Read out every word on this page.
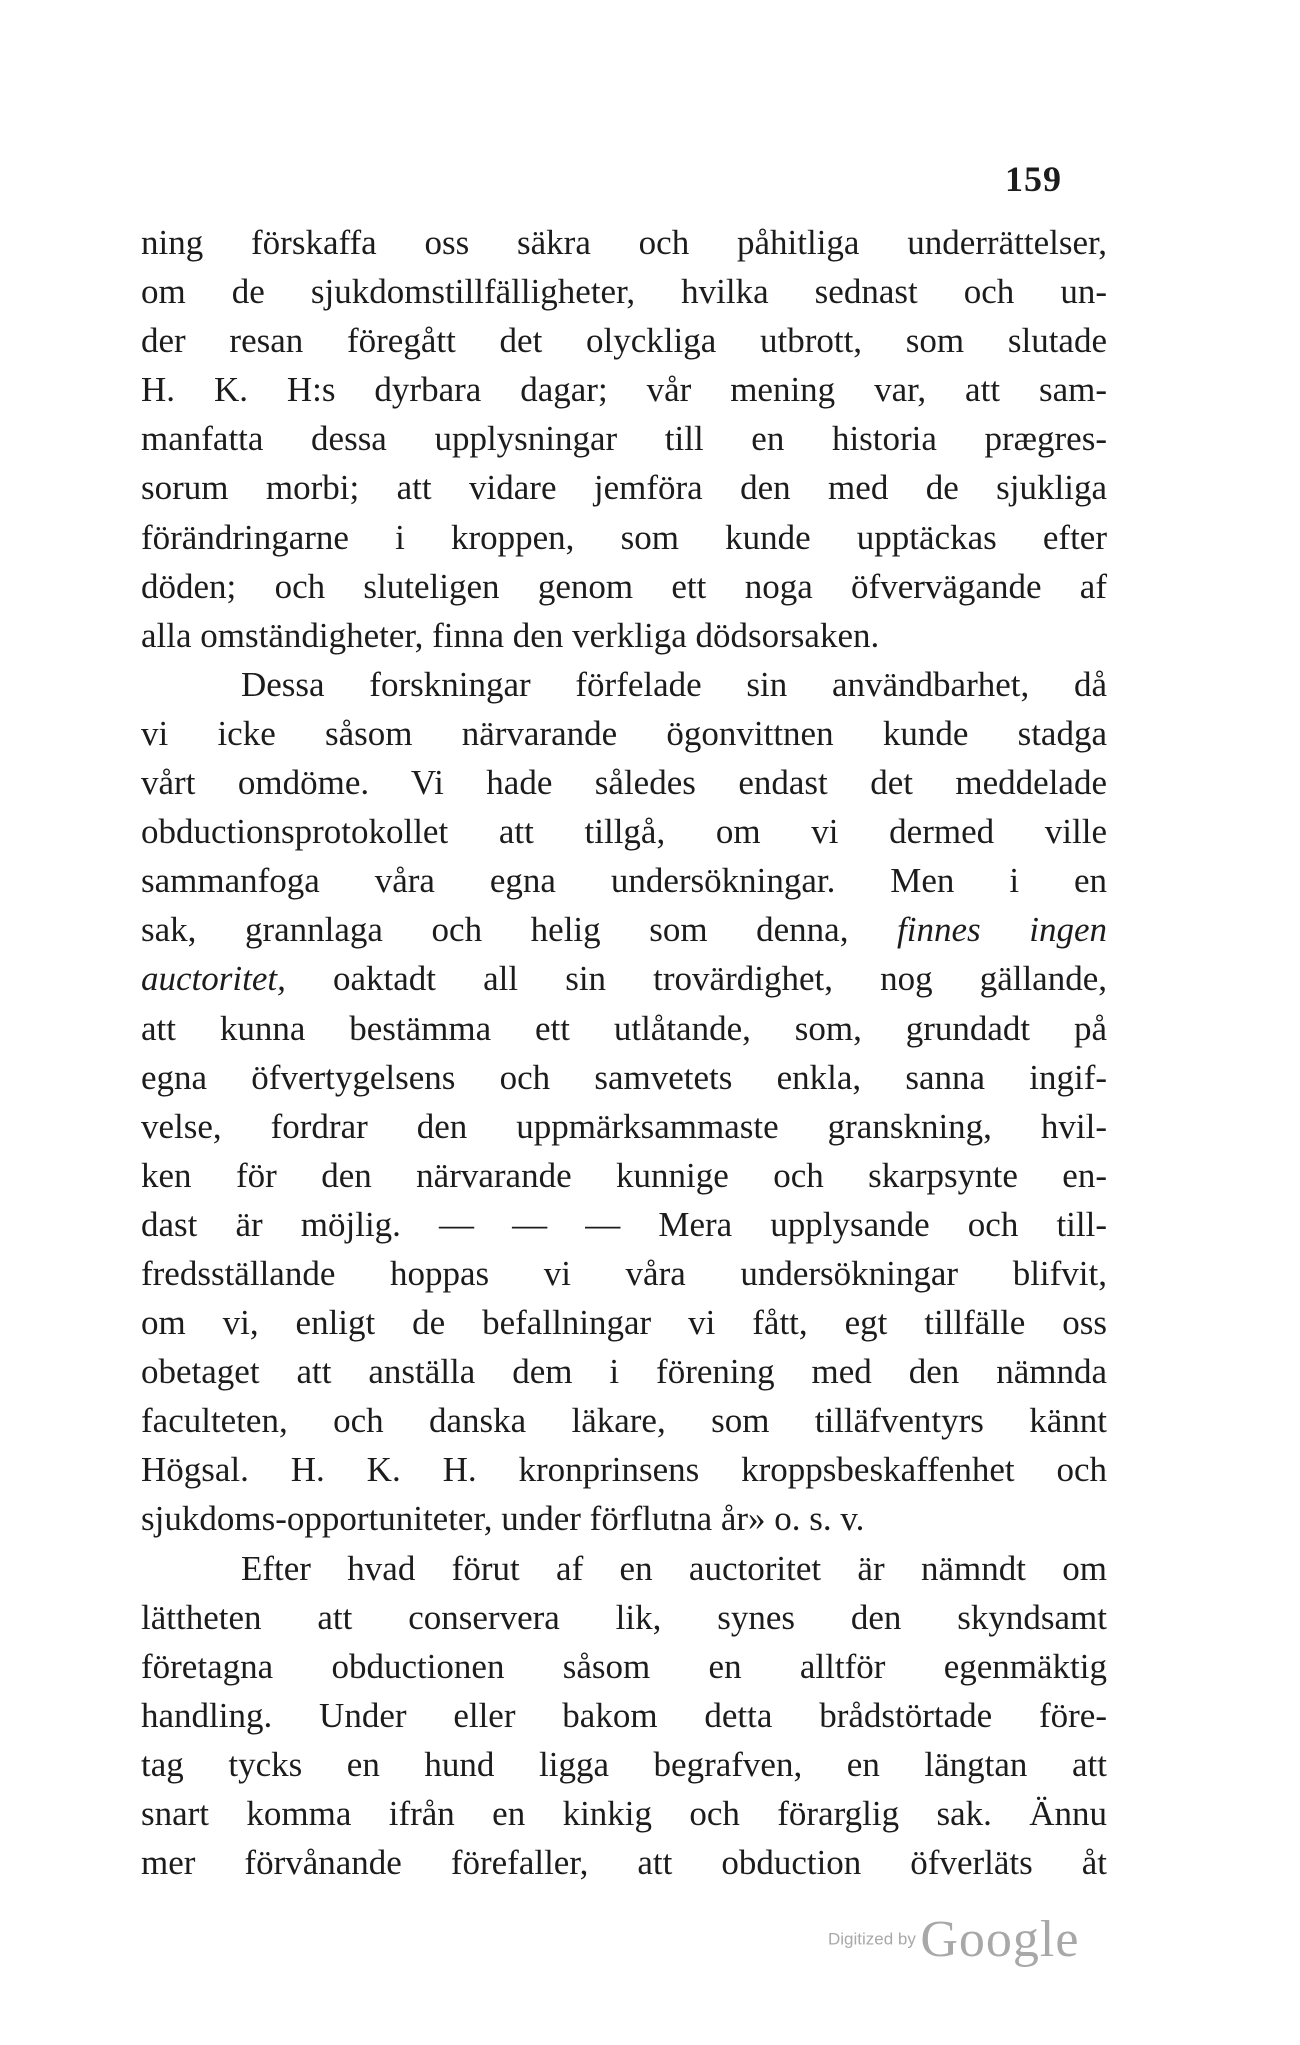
159
ning förskaffa oss säkra och påhitliga underrättelser,
om de sjukdomstillfälligheter, hvilka sednast och un-
der resan föregått det olyckliga utbrott, som slutade
H. K. H:s dyrbara dagar; vår mening var, att sam-
manfatta dessa upplysningar till en historia prægres-
sorum morbi; att vidare jemföra den med de sjukliga
förändringarne i kroppen, som kunde upptäckas efter
döden; och sluteligen genom ett noga öfvervägande af
alla omständigheter, finna den verkliga dödsorsaken.
Dessa forskningar förfelade sin användbarhet, då
vi icke såsom närvarande ögonvittnen kunde stadga
vårt omdöme. Vi hade således endast det meddelade
obductionsprotokollet att tillgå, om vi dermed ville
sammanfoga våra egna undersökningar. Men i en
sak, grannlaga och helig som denna, finnes ingen
auctoritet, oaktadt all sin trovärdighet, nog gällande,
att kunna bestämma ett utlåtande, som, grundadt på
egna öfvertygelsens och samvetets enkla, sanna ingif-
velse, fordrar den uppmärksammaste granskning, hvil-
ken för den närvarande kunnige och skarpsynte en-
dast är möjlig. — — — Mera upplysande och till-
fredsställande hoppas vi våra undersökningar blifvit,
om vi, enligt de befallningar vi fått, egt tillfälle oss
obetaget att anställa dem i förening med den nämnda
faculteten, och danska läkare, som tilläfventyrs kännt
Högsal. H. K. H. kronprinsens kroppsbeskaffenhet och
sjukdoms-opportuniteter, under förflutna år» o. s. v.
Efter hvad förut af en auctoritet är nämndt om
lättheten att conservera lik, synes den skyndsamt
företagna obductionen såsom en alltför egenmäktig
handling. Under eller bakom detta brådstörtade före-
tag tycks en hund ligga begrafven, en längtan att
snart komma ifrån en kinkig och förarglig sak. Ännu
mer förvånande förefaller, att obduction öfverläts åt
Digitized by Google
